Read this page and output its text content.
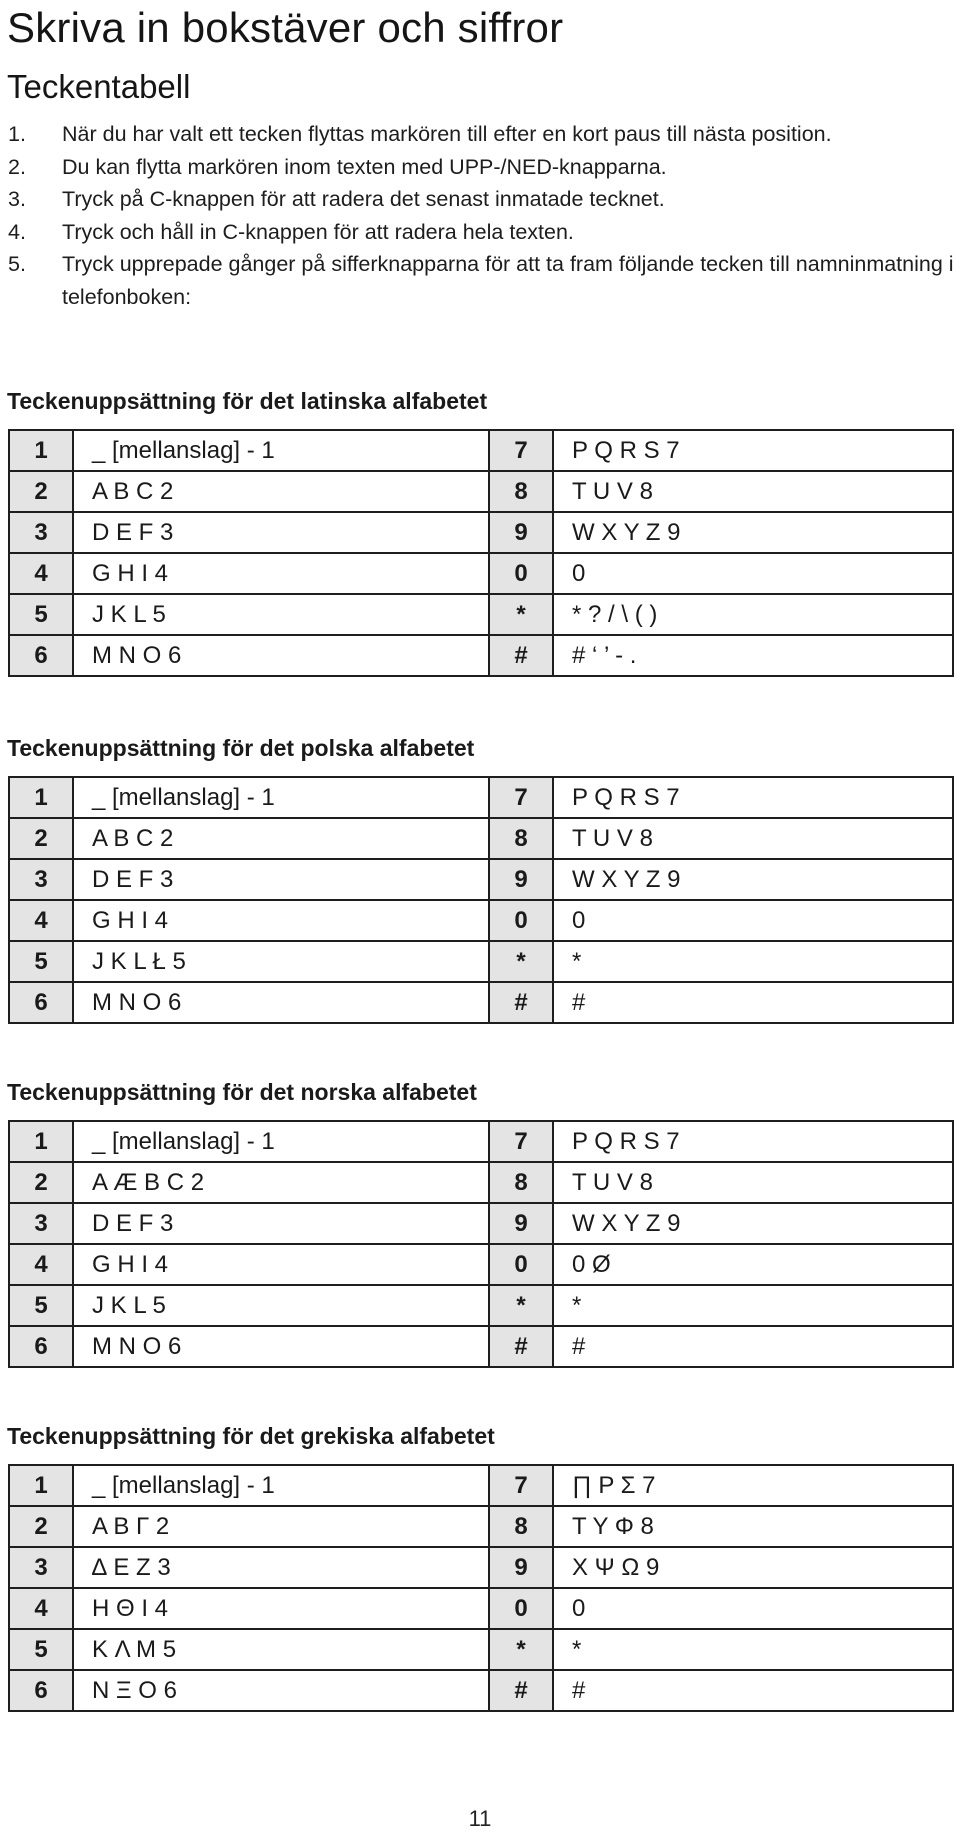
Skriva in bokstäver och siffror
Teckentabell
1. När du har valt ett tecken flyttas markören till efter en kort paus till nästa position.
2. Du kan flytta markören inom texten med UPP-/NED-knapparna.
3. Tryck på C-knappen för att radera det senast inmatade tecknet.
4. Tryck och håll in C-knappen för att radera hela texten.
5. Tryck upprepade gånger på sifferknapparna för att ta fram följande tecken till namninmatning i telefonboken:
Teckenuppsättning för det latinska alfabetet
1	_ [mellanslag] - 1	7	P Q R S 7
2	A B C 2	8	T U V 8
3	D E F 3	9	W X Y Z 9
4	G H I 4	0	0
5	J K L 5	*	* ? / \ ( )
6	M N O 6	#	# ‘ ’ - .
Teckenuppsättning för det polska alfabetet
1	_ [mellanslag] - 1	7	P Q R S 7
2	A B C 2	8	T U V 8
3	D E F 3	9	W X Y Z 9
4	G H I 4	0	0
5	J K L Ł 5	*	*
6	M N O 6	#	#
Teckenuppsättning för det norska alfabetet
1	_ [mellanslag] - 1	7	P Q R S 7
2	A Æ B C 2	8	T U V 8
3	D E F 3	9	W X Y Z 9
4	G H I 4	0	0 Ø
5	J K L 5	*	*
6	M N O 6	#	#
Teckenuppsättning för det grekiska alfabetet
1	_ [mellanslag] - 1	7	∏ P Σ 7
2	A B Γ 2	8	T Y Φ 8
3	∆ E Z 3	9	X Ψ Ω 9
4	H Θ I 4	0	0
5	K Λ M 5	*	*
6	N Ξ O 6	#	#
11
